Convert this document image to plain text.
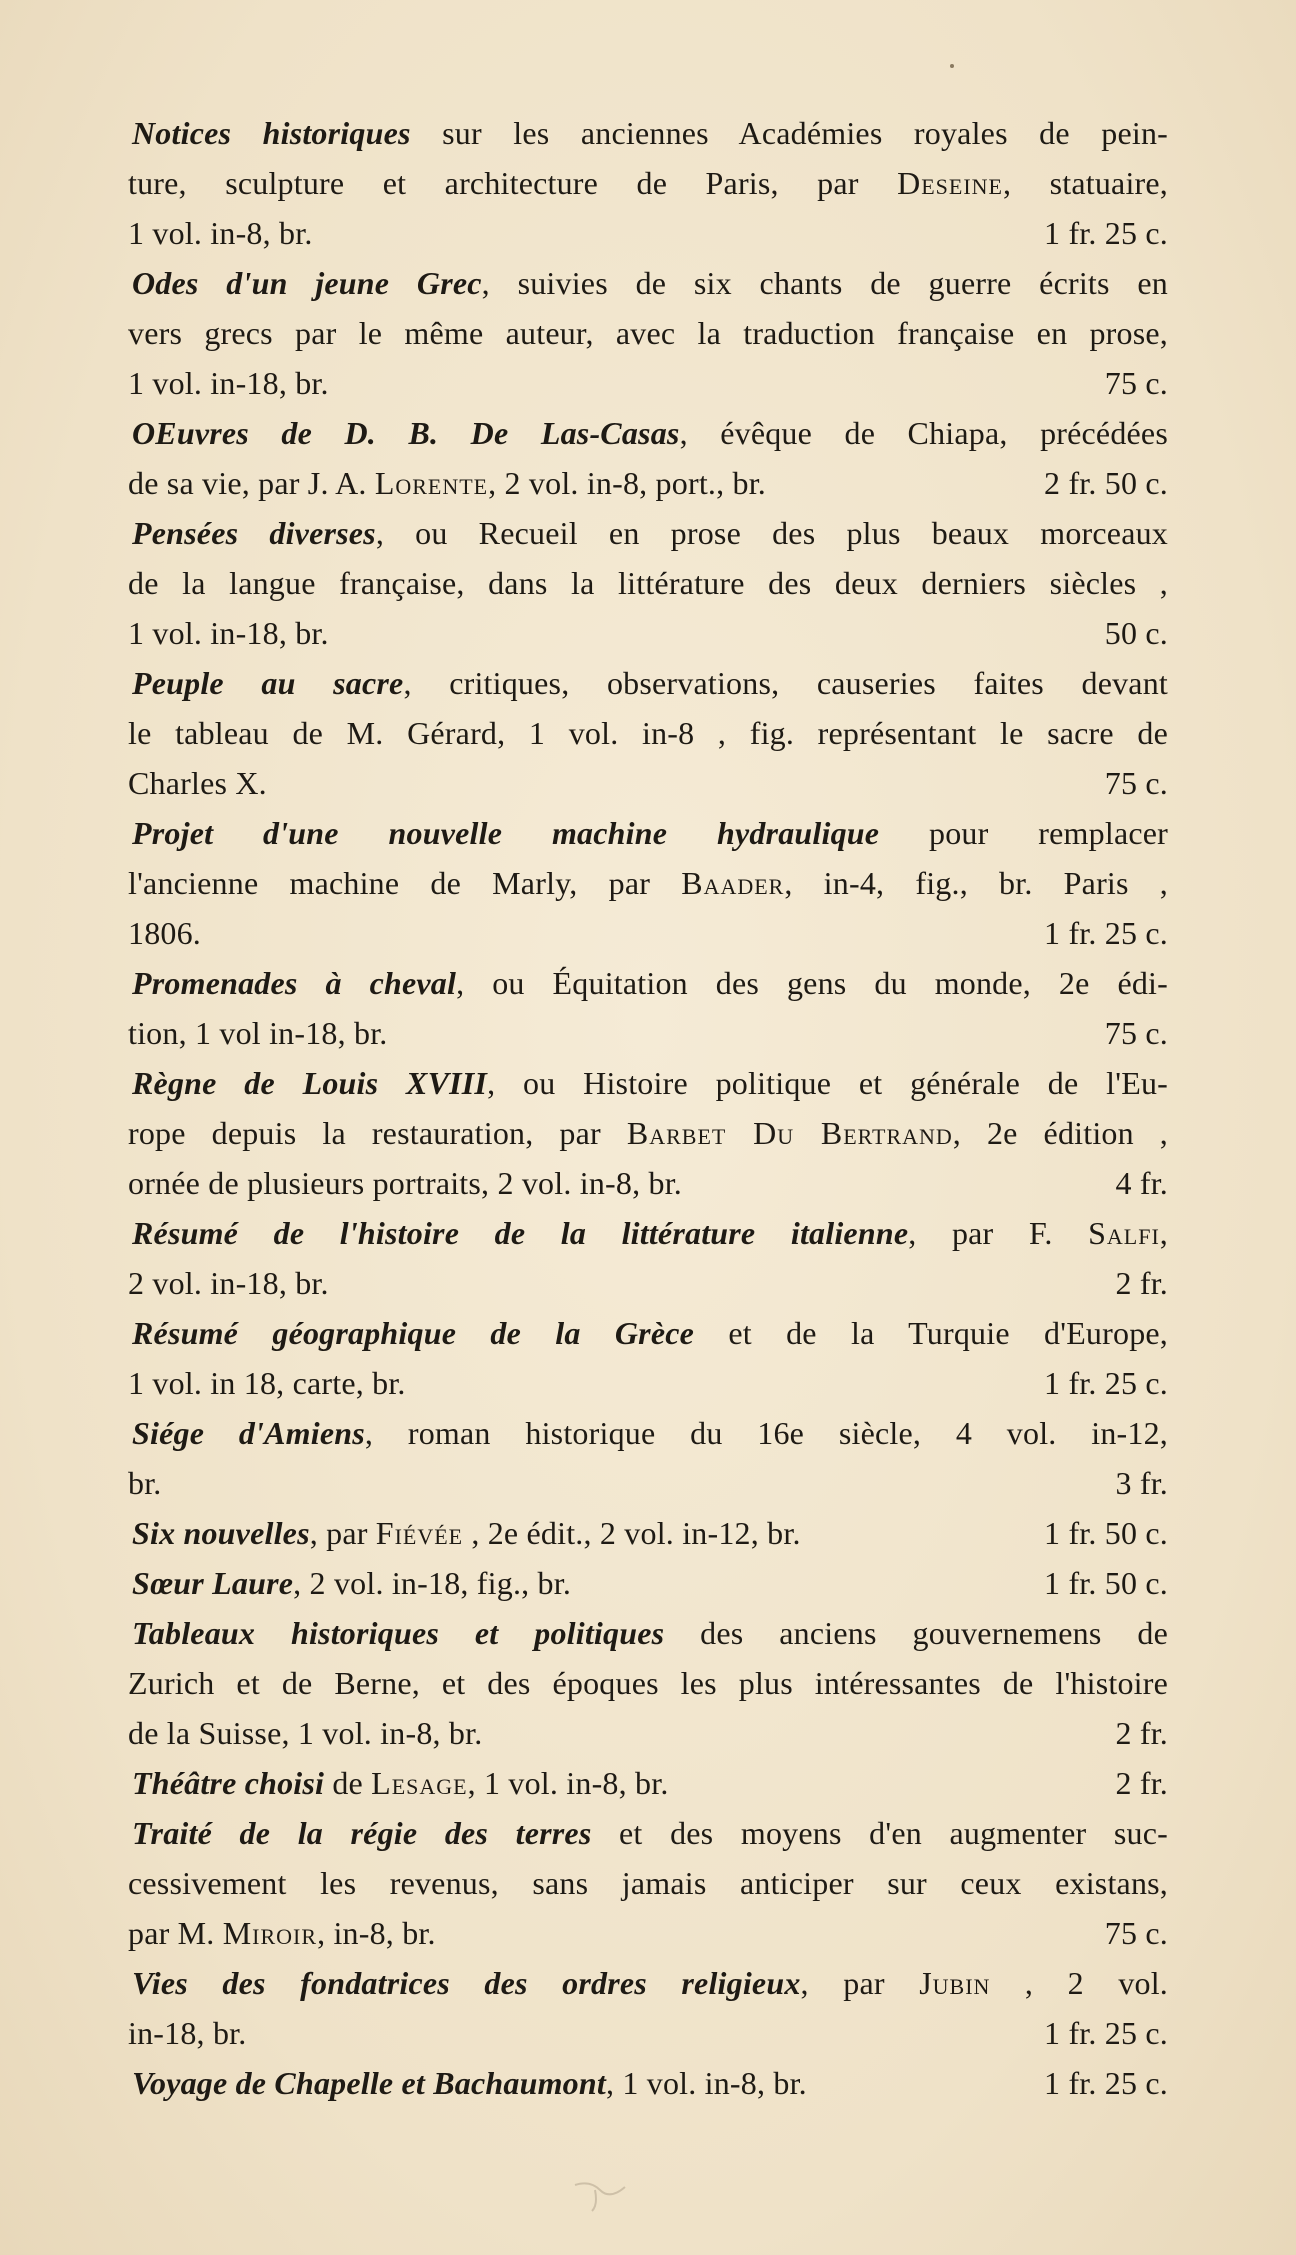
Notices historiques sur les anciennes Académies royales de pein-
ture, sculpture et architecture de Paris, par Deseine, statuaire,
1 vol. in-8, br.	1 fr. 25 c.
Odes d'un jeune Grec, suivies de six chants de guerre écrits en
vers grecs par le même auteur, avec la traduction française en prose,
1 vol. in-18, br.	75 c.
OEuvres de D. B. De Las-Casas, évêque de Chiapa, précédées
de sa vie, par J. A. Lorente, 2 vol. in-8, port., br.	2 fr. 50 c.
Pensées diverses, ou Recueil en prose des plus beaux morceaux
de la langue française, dans la littérature des deux derniers siècles ,
1 vol. in-18, br.	50 c.
Peuple au sacre, critiques, observations, causeries faites devant
le tableau de M. Gérard, 1 vol. in-8 , fig. représentant le sacre de
Charles X.	75 c.
Projet d'une nouvelle machine hydraulique pour remplacer
l'ancienne machine de Marly, par Baader, in-4, fig., br. Paris ,
1806.	1 fr. 25 c.
Promenades à cheval, ou Équitation des gens du monde, 2e édi-
tion, 1 vol in-18, br.	75 c.
Règne de Louis XVIII, ou Histoire politique et générale de l'Eu-
rope depuis la restauration, par Barbet Du Bertrand, 2e édition ,
ornée de plusieurs portraits, 2 vol. in-8, br.	4 fr.
Résumé de l'histoire de la littérature italienne, par F. Salfi,
2 vol. in-18, br.	2 fr.
Résumé géographique de la Grèce et de la Turquie d'Europe,
1 vol. in 18, carte, br.	1 fr. 25 c.
Siége d'Amiens, roman historique du 16e siècle, 4 vol. in-12,
br.	3 fr.
Six nouvelles, par Fiévée , 2e édit., 2 vol. in-12, br.	1 fr. 50 c.
Sœur Laure, 2 vol. in-18, fig., br.	1 fr. 50 c.
Tableaux historiques et politiques des anciens gouvernemens de
Zurich et de Berne, et des époques les plus intéressantes de l'histoire
de la Suisse, 1 vol. in-8, br.	2 fr.
Théâtre choisi de Lesage, 1 vol. in-8, br.	2 fr.
Traité de la régie des terres et des moyens d'en augmenter suc-
cessivement les revenus, sans jamais anticiper sur ceux existans,
par M. Miroir, in-8, br.	75 c.
Vies des fondatrices des ordres religieux, par Jubin , 2 vol.
in-18, br.	1 fr. 25 c.
Voyage de Chapelle et Bachaumont, 1 vol. in-8, br.	1 fr. 25 c.
